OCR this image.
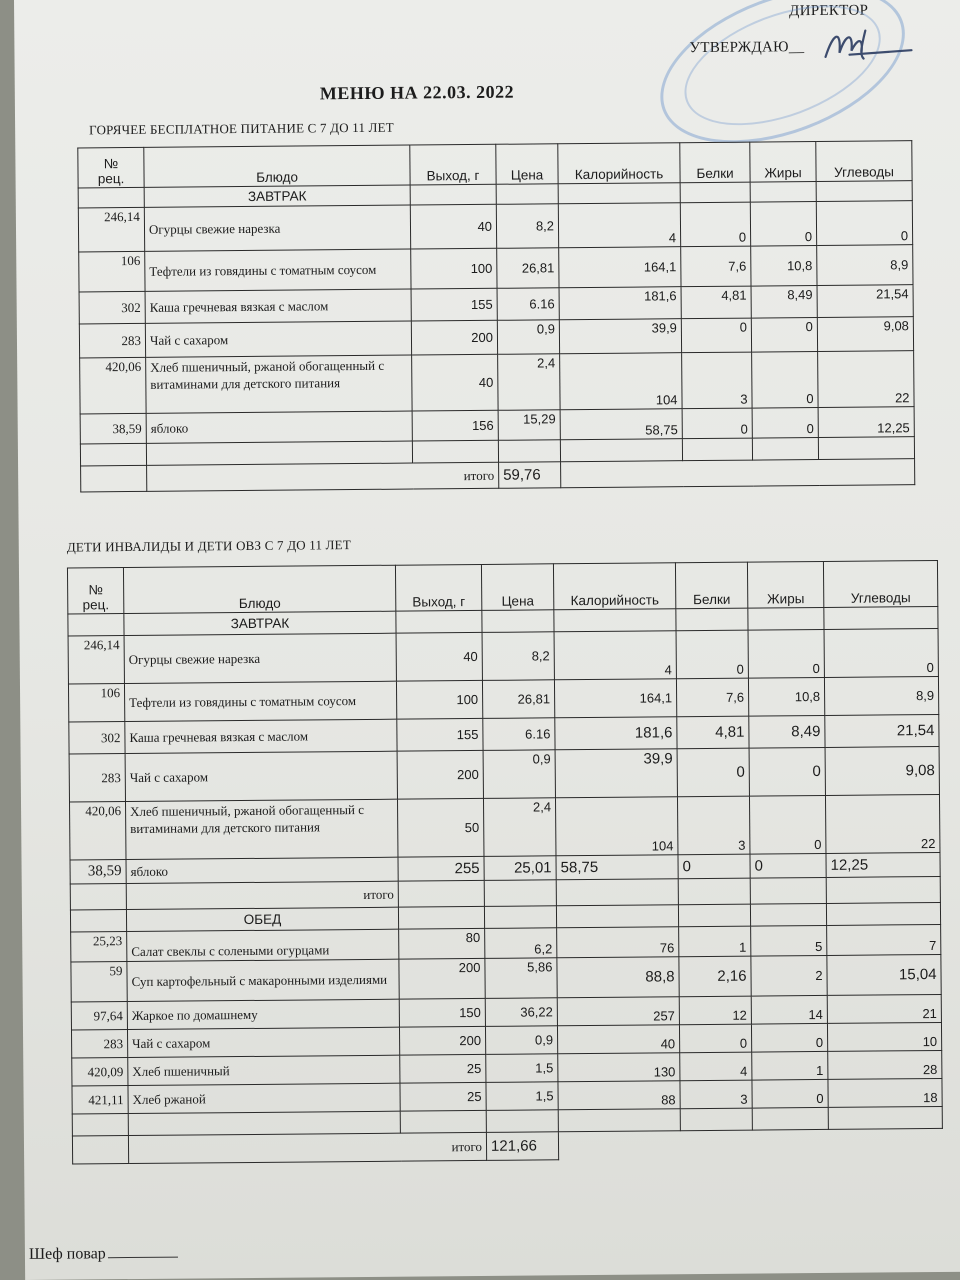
ДИРЕКТОР
УТВЕРЖДАЮ__
МЕНЮ НА 22.03. 2022
ГОРЯЧЕЕ БЕСПЛАТНОЕ ПИТАНИЕ С 7 ДО 11 ЛЕТ
№
рец.	Блюдо	Выход, г	Цена	Калорийность	Белки	Жиры	Углеводы
	ЗАВТРАК						
246,14	Огурцы свежие нарезка	40	8,2	4	0	0	0
106	Тефтели из говядины с томатным соусом	100	26,81	164,1	7,6	10,8	8,9
302	Каша гречневая вязкая с маслом	155	6.16	181,6	4,81	8,49	21,54
283	Чай с сахаром	200	0,9	39,9	0	0	9,08
420,06	Хлеб пшеничный, ржаной обогащенный с витаминами для детского питания	40	2,4	104	3	0	22
38,59	яблоко	156	15,29	58,75	0	0	12,25

	итого		59,76				
ДЕТИ ИНВАЛИДЫ И ДЕТИ ОВЗ С 7 ДО 11 ЛЕТ
№
рец.	Блюдо	Выход, г	Цена	Калорийность	Белки	Жиры	Углеводы
	ЗАВТРАК						
246,14	Огурцы свежие нарезка	40	8,2	4	0	0	0
106	Тефтели из говядины с томатным соусом	100	26,81	164,1	7,6	10,8	8,9
302	Каша гречневая вязкая с маслом	155	6.16	181,6	4,81	8,49	21,54
283	Чай с сахаром	200	0,9	39,9	0	0	9,08
420,06	Хлеб пшеничный, ржаной обогащенный с витаминами для детского питания	50	2,4	104	3	0	22
38,59	яблоко	255	25,01	58,75	0	0	12,25
	итого						
	ОБЕД						
25,23	Салат свеклы с солеными огурцами	80	6,2	76	1	5	7
59	Суп картофельный с макаронными изделиями	200	5,86	88,8	2,16	2	15,04
97,64	Жаркое по домашнему	150	36,22	257	12	14	21
283	Чай с сахаром	200	0,9	40	0	0	10
420,09	Хлеб пшеничный	25	1,5	130	4	1	28
421,11	Хлеб ржаной	25	1,5	88	3	0	18

	итого		121,66				
Шеф повар
